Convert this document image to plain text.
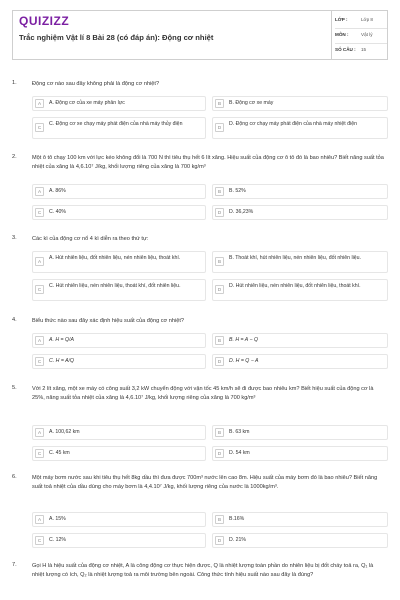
QUIZIZZ
Trắc nghiệm Vật lí 8 Bài 28 (có đáp án): Động cơ nhiệt
LỚP :	Lớp 8
MÔN :	Vật lý
SỐ CÂU : 15
1.	Động cơ nào sau đây không phải là động cơ nhiệt?
A	A. Động cơ của xe máy phản lực	B	B. Động cơ xe máy
C
C. Động cơ xe chạy máy phát điện của nhà máy thủy điện
D
D. Động cơ chạy máy phát điện của nhà máy nhiệt điện
2.	Một ô tô chạy 100 km với lực kéo không đổi là 700 N thì tiêu thụ hết 6 lít xăng. Hiệu suất của động cơ ô tô đó là bao nhiêu? Biết năng suất tỏa nhiệt của xăng là 4,6.10⁷ J/kg, khối lượng riêng của xăng là 700 kg/m³
A	A. 86%	B	B. 52%
C	C. 40%	D	D. 36,23%
3.	Các kì của động cơ nổ 4 kì diễn ra theo thứ tự:
A
A. Hút nhiên liệu, đốt nhiên liệu, nén nhiên liệu, thoát khí.
B
B. Thoát khí, hút nhiên liệu, nén nhiên liệu, đốt nhiên liệu.
C
C. Hút nhiên liệu, nén nhiên liệu, thoát khí, đốt nhiên liệu.
D
D. Hút nhiên liệu, nén nhiên liệu, đốt nhiên liệu, thoát khí.
4.	Biểu thức nào sau đây xác định hiệu suất của động cơ nhiệt?
A	A. H = Q/A	B	B. H = A − Q
C	C. H = A/Q	D	D. H = Q − A
5.	Với 2 lít xăng, một xe máy có công suất 3,2 kW chuyển động với vận tốc 45 km/h sẽ đi được bao nhiêu km? Biết hiệu suất của động cơ là 25%, năng suất tỏa nhiệt của xăng là 4,6.10⁷ J/kg, khối lượng riêng của xăng là 700 kg/m³
A	A. 100,62 km	B	B. 63 km
C	C. 45 km	D	D. 54 km
6.	Một máy bơm nước sau khi tiêu thụ hết 8kg dầu thì đưa được 700m³ nước lên cao 8m. Hiệu suất của máy bơm đó là bao nhiêu? Biết năng suất toả nhiệt của dầu dùng cho máy bơm là 4,4.10⁷ J/kg, khối lượng riêng của nước là 1000kg/m³.
A	A. 15%	B	B.16%
C	C. 12%	D	D. 21%
7.	Gọi H là hiệu suất của động cơ nhiệt, A là công động cơ thực hiện được, Q là nhiệt lượng toàn phần do nhiên liệu bị đốt cháy toả ra, Q₁ là nhiệt lượng có ích, Q₂ là nhiệt lượng toả ra môi trường bên ngoài. Công thức tính hiệu suất nào sau đây là đúng?
